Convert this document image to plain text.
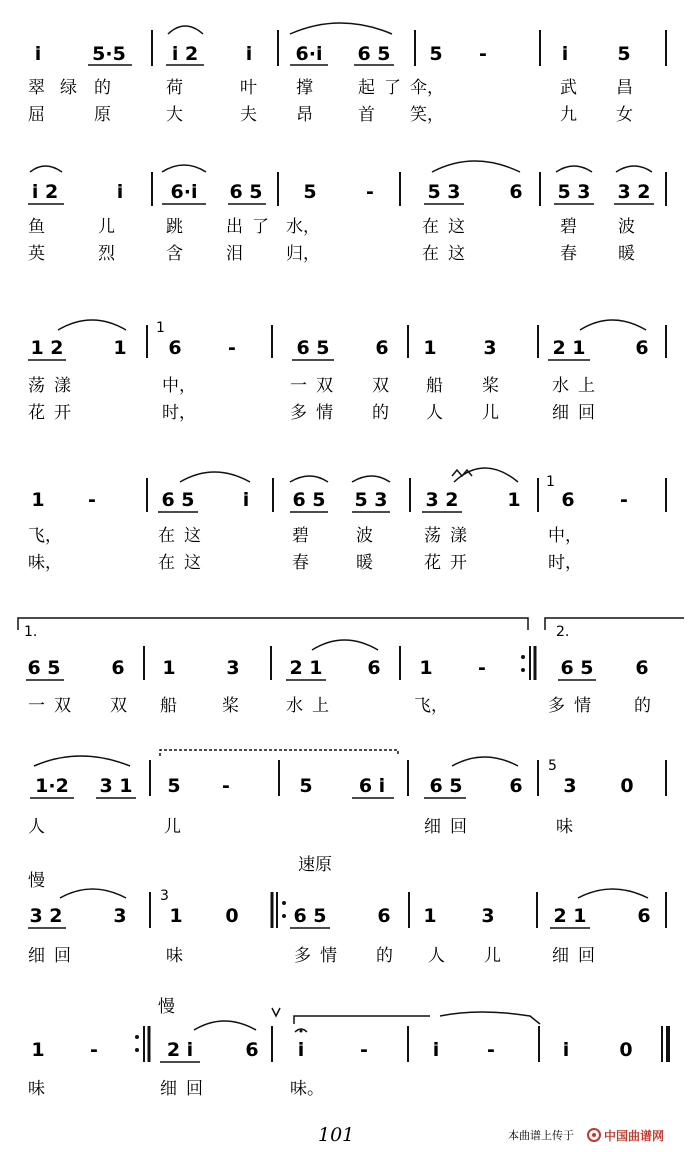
i	5·5 i 2	i 6·i 6 5 5 -	i	5
翠 绿 的	荷	叶 撑	起 了 伞，	武 昌
屈	原	大	夫 昂	首 笑，	九 女
i 2	i 6·i 6 5 5	-	5 3	6 5 3 3 2
鱼	儿	跳	出 了 水，	在 这	碧 波
英	烈	含	泪	归，	在 这	春 暖
1
1 2	1 6 -	6 5 6 1 3	2 1	6
荡 漾	中，	一 双 双 船 桨	水 上
花 开	时，	多 情 的 人 儿	细 回
1
1 -	6 5	i 6 5 5 3 3 2	1 6 -
飞，	在 这	碧	波	荡 漾	中，
味，	在 这	春	暖	花 开	时，
1.	2.
6 5	6 1	3	2 1 6 1 -	6 5 6
一 双 双 船	桨	水 上	飞，	多 情	的
5
1·2 3 1 5 -	5 6 i 6 5 6 3 0
人	儿	细 回	味
慢
速原
3
3 2	3 1 0	6 5	6 1 3	2 1	6
细 回	味	多 情 的 人 儿	细 回
慢
1 -	2 i	6 i	-	i	-	i	0
味	细 回	味。
101	本曲谱上传于	中国曲谱网
